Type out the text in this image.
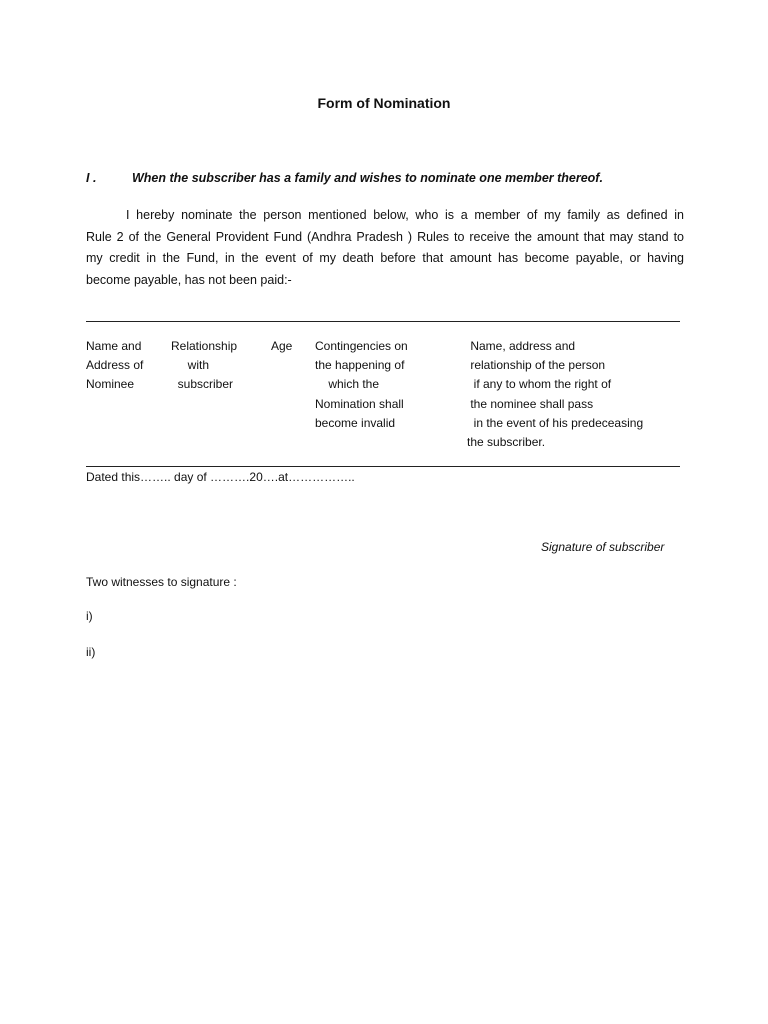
Form of Nomination
I .	When the subscriber has a family and wishes to nominate one member thereof.
I hereby nominate the person mentioned below, who is a member of my family as defined in
Rule 2 of the General Provident Fund (Andhra Pradesh ) Rules to receive the amount that may stand to
my credit in the Fund, in the event of my death before that amount has become payable, or having
become payable, has not been paid:-
Name and
Address of
Nominee
Relationship
with
subscriber
Age Contingencies on
the happening of
which the
Nomination shall
become invalid
Name, address and
relationship of the person
if any to whom the right of
the nominee shall pass
in the event of his predeceasing
the subscriber.
Dated this…….. day of ……….20….at……………..
Signature of subscriber
Two witnesses to signature :
i)
ii)
